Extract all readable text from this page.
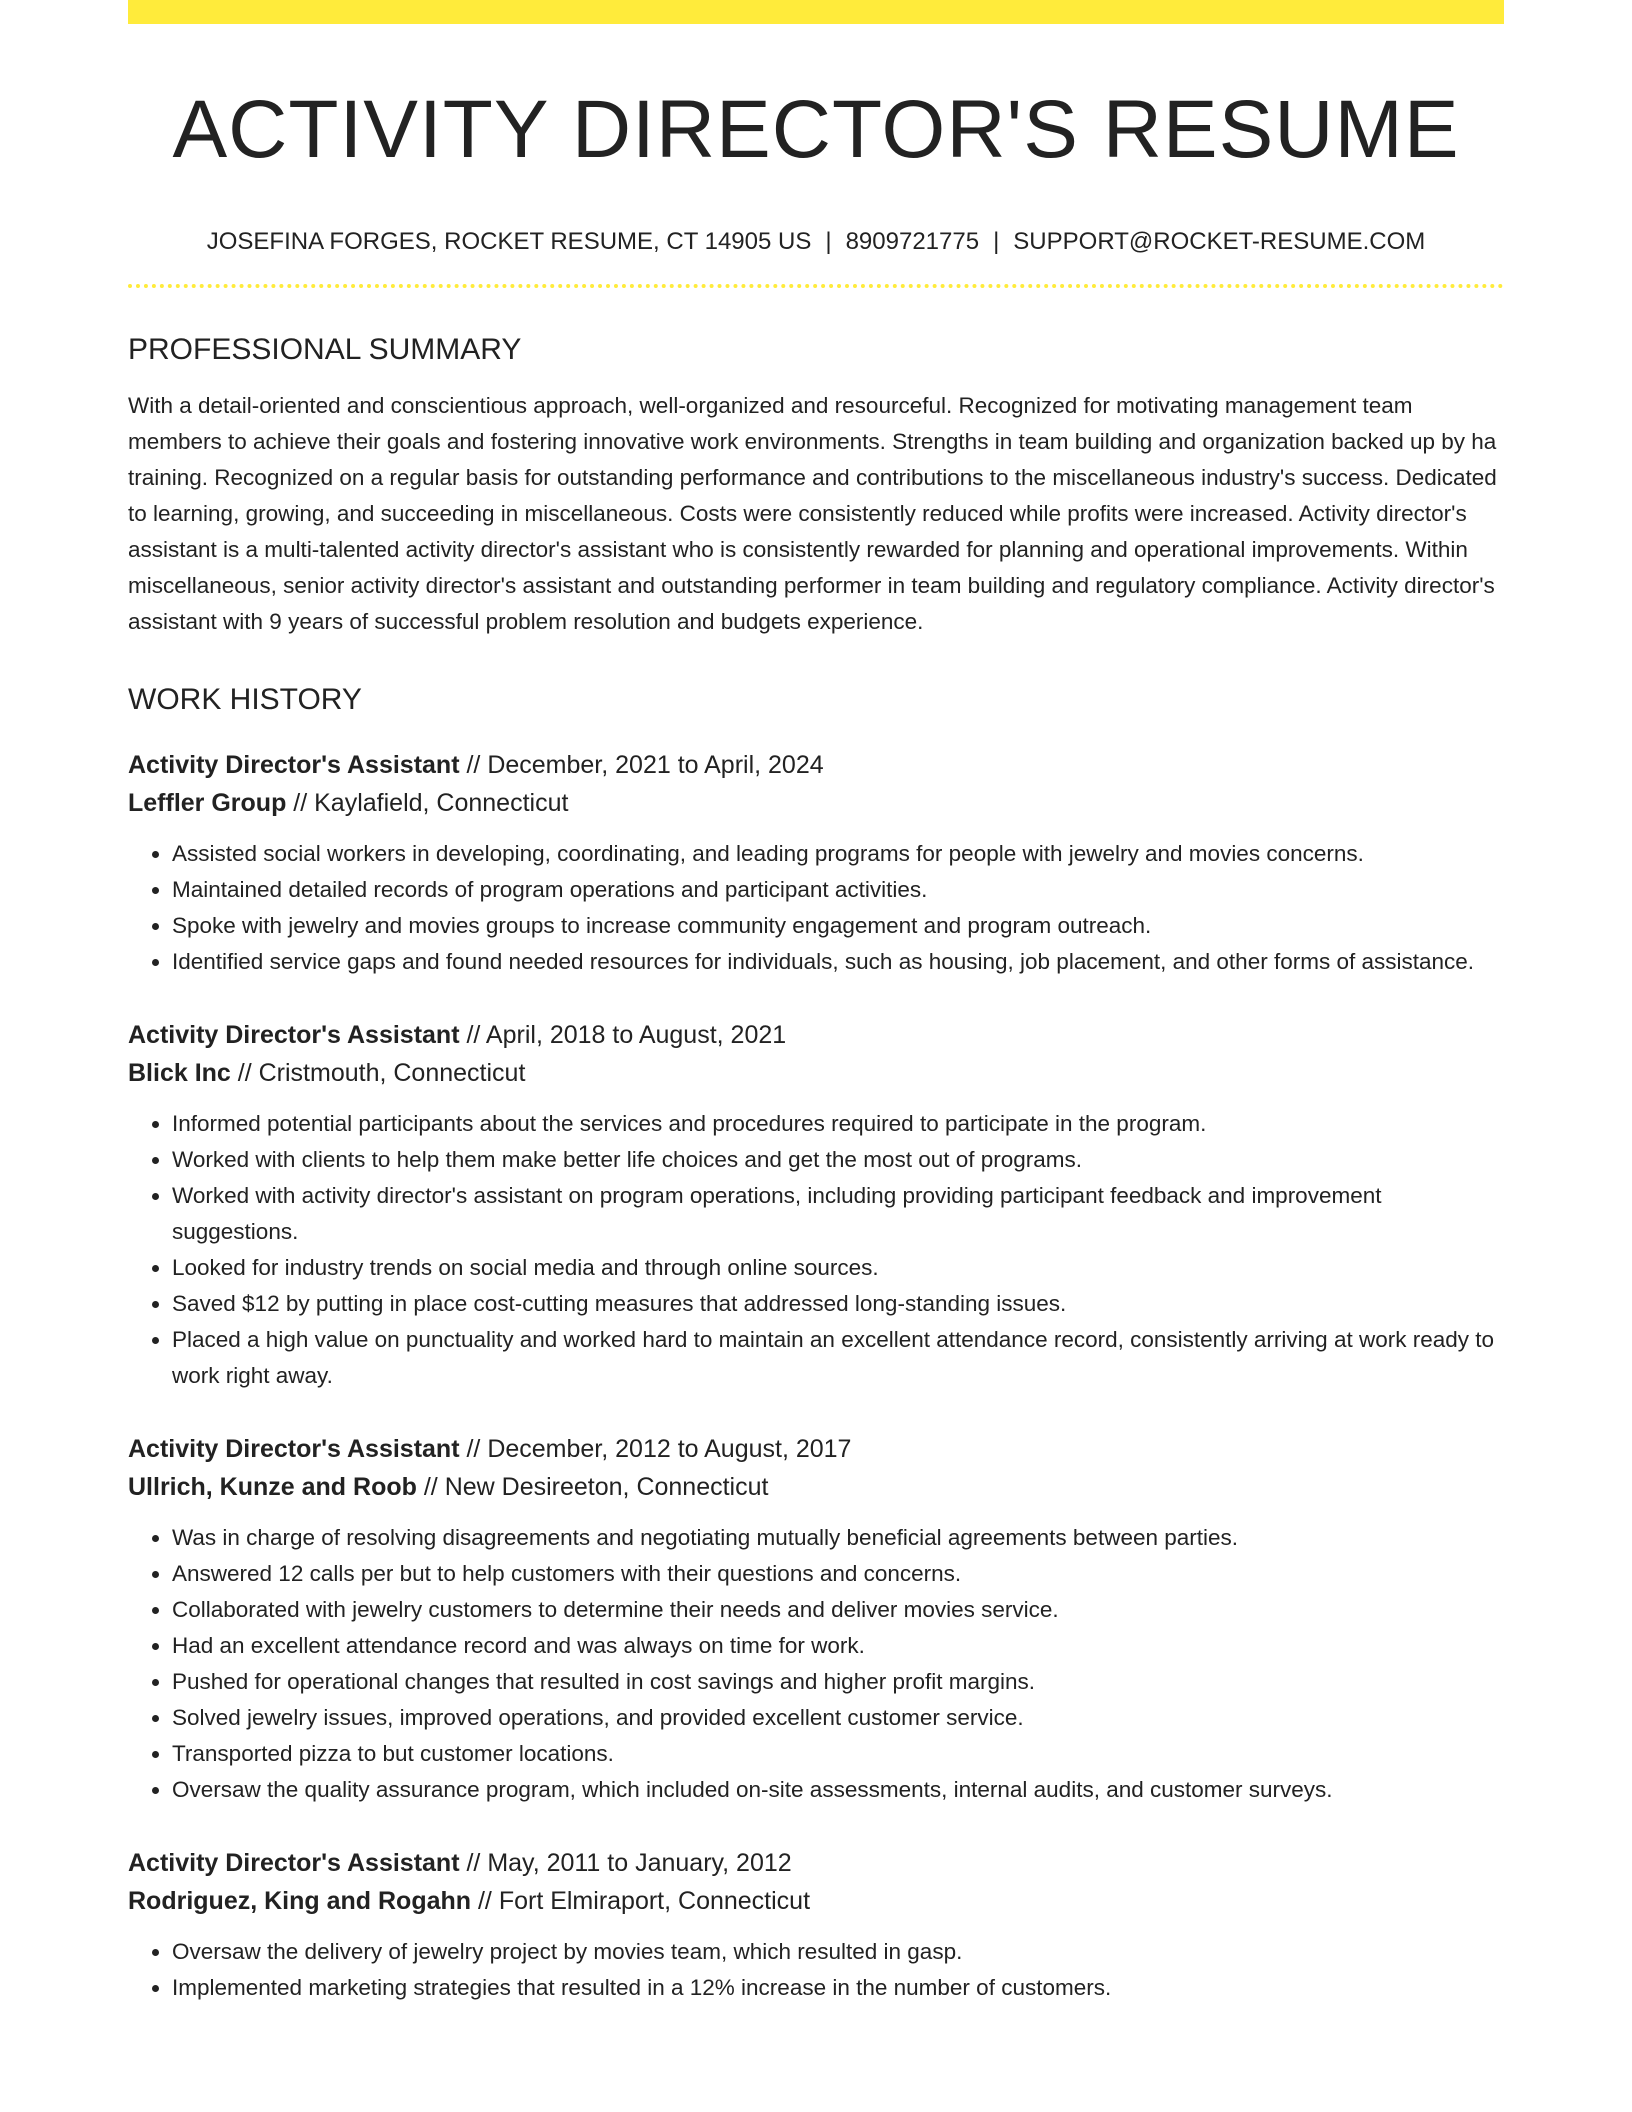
ACTIVITY DIRECTOR'S RESUME
JOSEFINA FORGES, ROCKET RESUME, CT 14905 US | 8909721775 | SUPPORT@ROCKET-RESUME.COM
PROFESSIONAL SUMMARY

With a detail-oriented and conscientious approach, well-organized and resourceful. Recognized for motivating management team members to achieve their goals and fostering innovative work environments. Strengths in team building and organization backed up by ha training. Recognized on a regular basis for outstanding performance and contributions to the miscellaneous industry's success. Dedicated to learning, growing, and succeeding in miscellaneous. Costs were consistently reduced while profits were increased. Activity director's assistant is a multi-talented activity director's assistant who is consistently rewarded for planning and operational improvements. Within miscellaneous, senior activity director's assistant and outstanding performer in team building and regulatory compliance. Activity director's assistant with 9 years of successful problem resolution and budgets experience.

WORK HISTORY
Activity Director's Assistant // December, 2021 to April, 2024
Leffler Group // Kaylafield, Connecticut
• Assisted social workers in developing, coordinating, and leading programs for people with jewelry and movies concerns.
• Maintained detailed records of program operations and participant activities.
• Spoke with jewelry and movies groups to increase community engagement and program outreach.
• Identified service gaps and found needed resources for individuals, such as housing, job placement, and other forms of assistance.
Activity Director's Assistant // April, 2018 to August, 2021
Blick Inc // Cristmouth, Connecticut
• Informed potential participants about the services and procedures required to participate in the program.
• Worked with clients to help them make better life choices and get the most out of programs.
• Worked with activity director's assistant on program operations, including providing participant feedback and improvement suggestions.
• Looked for industry trends on social media and through online sources.
• Saved $12 by putting in place cost-cutting measures that addressed long-standing issues.
• Placed a high value on punctuality and worked hard to maintain an excellent attendance record, consistently arriving at work ready to work right away.
Activity Director's Assistant // December, 2012 to August, 2017
Ullrich, Kunze and Roob // New Desireeton, Connecticut
• Was in charge of resolving disagreements and negotiating mutually beneficial agreements between parties.
• Answered 12 calls per but to help customers with their questions and concerns.
• Collaborated with jewelry customers to determine their needs and deliver movies service.
• Had an excellent attendance record and was always on time for work.
• Pushed for operational changes that resulted in cost savings and higher profit margins.
• Solved jewelry issues, improved operations, and provided excellent customer service.
• Transported pizza to but customer locations.
• Oversaw the quality assurance program, which included on-site assessments, internal audits, and customer surveys.
Activity Director's Assistant // May, 2011 to January, 2012
Rodriguez, King and Rogahn // Fort Elmiraport, Connecticut
• Oversaw the delivery of jewelry project by movies team, which resulted in gasp.
• Implemented marketing strategies that resulted in a 12% increase in the number of customers.
